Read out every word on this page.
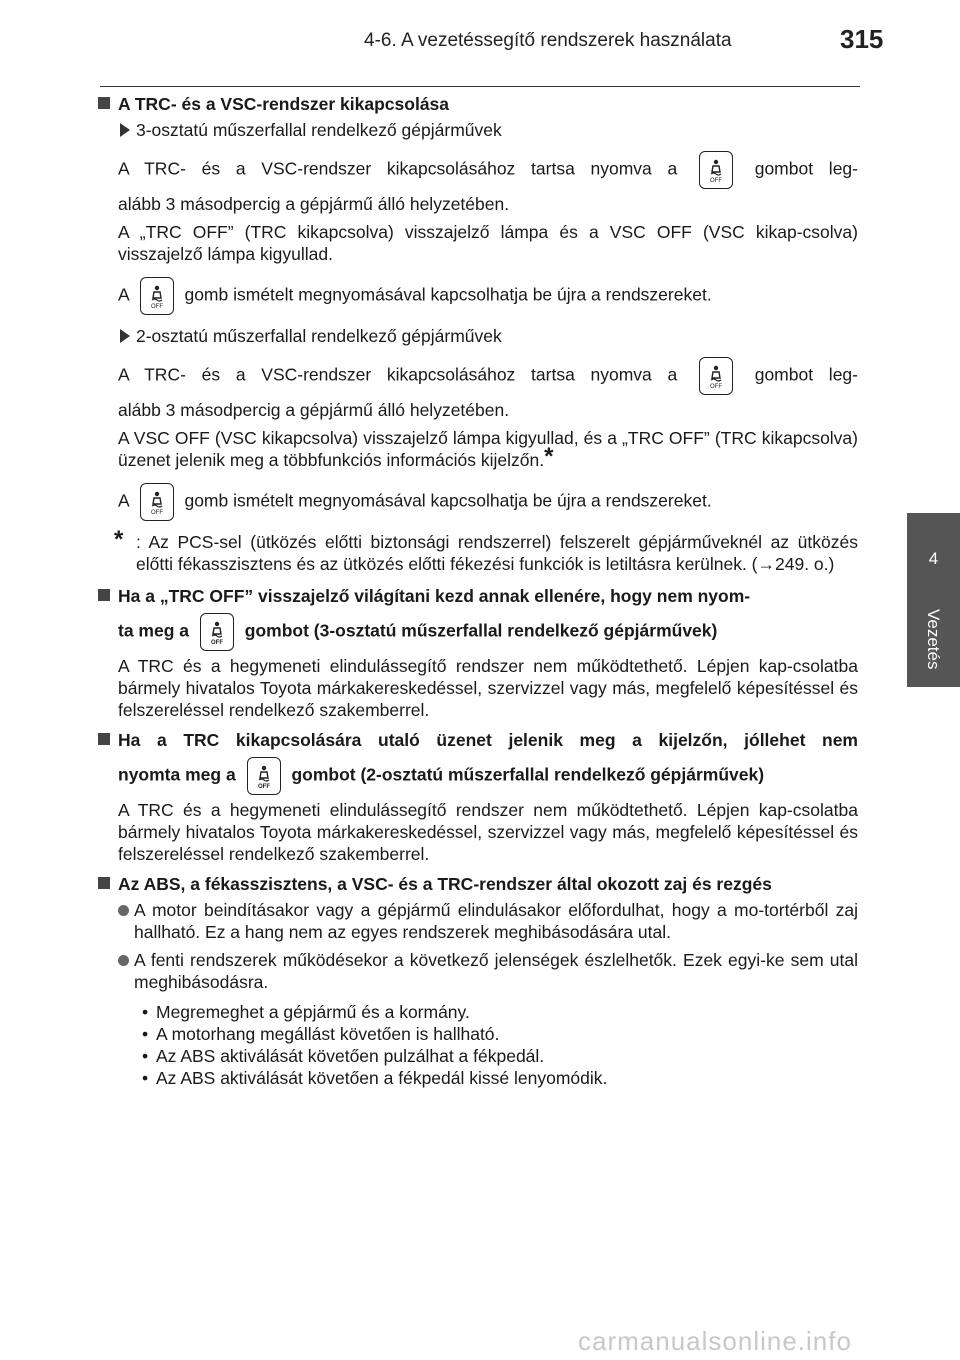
4-6. A vezetéssegítő rendszerek használata	315
4
Vezetés

A TRC- és a VSC-rendszer kikapcsolása

3-osztatú műszerfallal rendelkező gépjárművek

A TRC- és a VSC-rendszer kikapcsolásához tartsa nyomva a
OFF
gombot leg-

alább 3 másodpercig a gépjármű álló helyzetében.

A „TRC OFF” (TRC kikapcsolva) visszajelző lámpa és a VSC OFF (VSC kikap-csolva) visszajelző lámpa kigyullad.

A
OFF
gomb ismételt megnyomásával kapcsolhatja be újra a rendszereket.

2-osztatú műszerfallal rendelkező gépjárművek

A TRC- és a VSC-rendszer kikapcsolásához tartsa nyomva a
OFF
gombot leg-

alább 3 másodpercig a gépjármű álló helyzetében.

A VSC OFF (VSC kikapcsolva) visszajelző lámpa kigyullad, és a „TRC OFF” (TRC kikapcsolva) üzenet jelenik meg a többfunkciós információs kijelzőn.*

A
OFF
gomb ismételt megnyomásával kapcsolhatja be újra a rendszereket.

* : Az PCS-sel (ütközés előtti biztonsági rendszerrel) felszerelt gépjárműveknél az ütközés előtti fékasszisztens és az ütközés előtti fékezési funkciók is letiltásra kerülnek. (→249. o.)

Ha a „TRC OFF” visszajelző világítani kezd annak ellenére, hogy nem nyom-

ta meg a
OFF
gombot (3-osztatú műszerfallal rendelkező gépjárművek)

A TRC és a hegymeneti elindulássegítő rendszer nem működtethető. Lépjen kap-csolatba bármely hivatalos Toyota márkakereskedéssel, szervizzel vagy más, megfelelő képesítéssel és felszereléssel rendelkező szakemberrel.

Ha a TRC kikapcsolására utaló üzenet jelenik meg a kijelzőn, jóllehet nem

nyomta meg a
OFF
gombot (2-osztatú műszerfallal rendelkező gépjárművek)

A TRC és a hegymeneti elindulássegítő rendszer nem működtethető. Lépjen kap-csolatba bármely hivatalos Toyota márkakereskedéssel, szervizzel vagy más, megfelelő képesítéssel és felszereléssel rendelkező szakemberrel.

Az ABS, a fékasszisztens, a VSC- és a TRC-rendszer által okozott zaj és rezgés

A motor beindításakor vagy a gépjármű elindulásakor előfordulhat, hogy a mo-tortérből zaj hallható. Ez a hang nem az egyes rendszerek meghibásodására utal.

A fenti rendszerek működésekor a következő jelenségek észlelhetők. Ezek egyi-ke sem utal meghibásodásra.

• Megremeghet a gépjármű és a kormány.

• A motorhang megállást követően is hallható.

• Az ABS aktiválását követően pulzálhat a fékpedál.

• Az ABS aktiválását követően a fékpedál kissé lenyomódik.

carmanualsonline.info
